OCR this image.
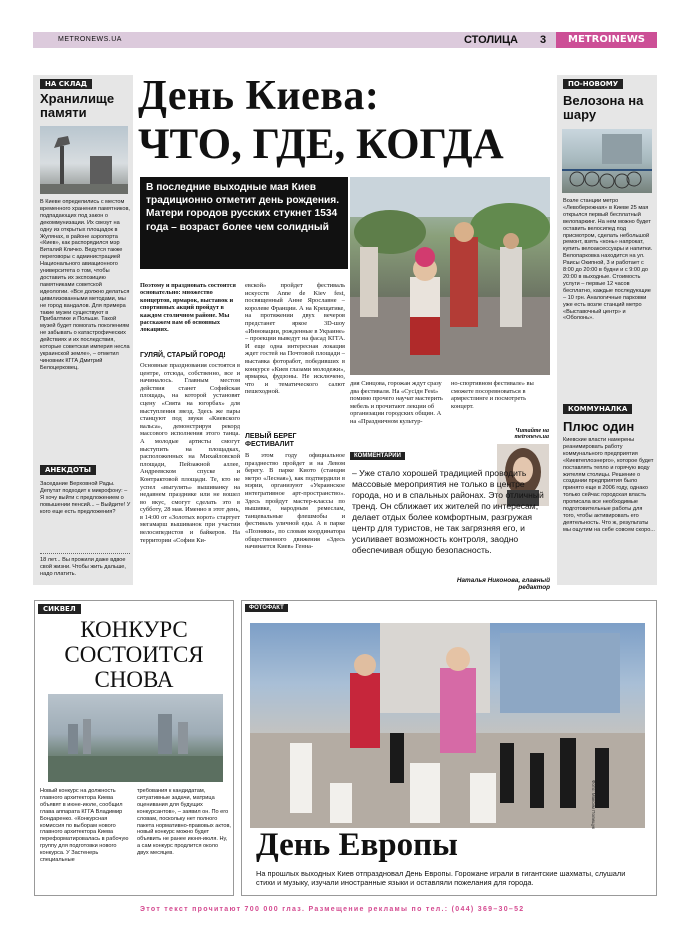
METRONEWS.UA	СТОЛИЦА 3	METROІNEWS
НА СКЛАД
Хранилище памяти
В Киеве определились с местом временного хранения памятников, подпадающих под закон о декоммунизации. Их свезут на одну из открытых площадок в Жулянах, в районе аэропорта «Киев», как распорядился мэр Виталий Кличко. Ведутся также переговоры с администрацией Национального авиационного университета о том, чтобы доставить их экспозицию памятниками советской идеологии. «Все должно делаться цивилизованными методами, мы не город вандалов. Для примера такие музеи существуют в Прибалтике и Польше. Такой музей будет помогать поколениям не забывать о катастрофических действиях и их последствия, которые советская империя несла украинской земле», – отметил чиновник КГГА Дмитрий Белоцерковец.
АНЕКДОТЫ
Заседание Верховной Рады. Депутат подходит к микрофону: – Я хочу выйти с предложением о повышении пенсий... – Выйдите! У кого еще есть предложения?
18 лет... Вы прожили даже вдвое свой жизни. Чтобы жить дальше, надо платить.
День Киева:
ЧТО, ГДЕ, КОГДА
В последние выходные мая Киев традиционно отметит день рождения. Матери городов русских стукнет 1534 года – возраст более чем солидный
Поэтому и праздновать состоится основательно: множество концертов, ярмарок, выставок и спортивных акций пройдут в каждом столичном районе. Мы расскажем вам об основных локациях.
ГУЛЯЙ, СТАРЫЙ ГОРОД!
Основные празднования состоятся в центре, отсюда, собственно, все и начиналось. Главным местом действия станет Софийская площадь, на которой установят сцену «Свята на югорбах» для выступления звезд. Здесь же пары станцуют под звуки «Киевского вальса», демонстрируя рекорд массового исполнения этого танца. А молодые артисты смогут выступить на площадках, расположенных на Михайловской площади, Пейзажной аллее, Андреевском спуске и Контрактовой площади. Те, кто не успел «выгулять» вышиванку на недавнем празднике или не вошел во вкус, смогут сделать это в субботу, 28 мая. Именно в этот день, в 14:00 от «Золотых ворот» стартует мегамарш вышиванок при участии велосипедистов и байкеров. На территории «Софии Ки-
евской» пройдет фестиваль искусств Anne de Kiev fest, посвященный Анне Ярославне – королеве Франции. А на Крещатике, на протяжении двух вечеров предстанет яркое 3D-шоу «Инновации, рожденные в Украине» – проекции выведут на фасад КГГА. И еще одна интересная локация ждет гостей на Почтовой площади – выставка фоторабот, победивших в конкурсе «Киев глазами молодежи», ярмарка, фудзоны. Не исключено, что и тематического салют пешеходной.
ЛЕВЫЙ БЕРЕГ ФЕСТИВАЛИТ
В этом году официальное празднество пройдет и на Левом берегу. В парке Киото (станция метро «Лесная»), как подтвердили в мэрии, организуют «Украинское интегративное арт-пространство». Здесь пройдут мастер-классы по вышивке, народным ремеслам, танцевальные флешмобы и фестиваль уличной еды. А в парке «Позняки», по словам координатора общественного движения «Здесь начинается Киев» Генна-
дия Синцова, горожан ждут сразу два фестиваля. На «Сусiдн Fest» помимо прочего научат мастерить мебель и прочитают лекции об организации городских общин. А на «Праздничном культур-
но-спортивном фестивале» вы сможете посоревноваться в армрестлинге и посмотреть концерт.
Читайте на metronews.ua
КОММЕНТАРИЙ
– Уже стало хорошей традицией проводить массовые мероприятия не только в центре города, но и в спальных районах. Это отличный тренд. Он сближает их жителей по интересам, делает отдых более комфортным, разгружая центр для туристов, не так загрязняя его, и усиливает возможность контроля, заодно обеспечивая общую безопасность.
Наталья Никонова, главный редактор
ПО-НОВОМУ
Велозона на шару
Возле станции метро «Левобережная» в Киеве 25 мая открылся первый бесплатный велопаркинг. На нем можно будет оставить велосипед под присмотром, сделать небольшой ремонт, взять «конь» напрокат, купить велоаксессуары и напитки. Велопарковка находится на ул. Раисы Окипной, 3 и работает с 8:00 до 20:00 в будни и с 9:00 до 20:00 в выходные. Стоимость услуги – первые 12 часов бесплатно, каждые последующие – 10 грн. Аналогичные парковки уже есть возле станций метро «Выставочный центр» и «Оболонь».
КОММУНАЛКА
Плюс один
Киевские власти намерены реанимировать работу коммунального предприятия «Киевтеплоэнерго», которое будет поставлять тепло и горячую воду жителям столицы. Решение о создании предприятия было принято еще в 2006 году, однако только сейчас городская власть прописала все необходимые подготовительные работы для того, чтобы активировать его деятельность. Что ж, результаты мы ощутим на себе совсем скоро...
СИКВЕЛ
КОНКУРС СОСТОИТСЯ СНОВА
Новый конкурс на должность главного архитектора Киева объявят в июне-июле, сообщил глава аппарата КГГА Владимир Бондаренко. «Конкурсная комиссия по выборам нового главного архитектора Киева переформатировалась в рабочую группу для подготовки нового конкурса. У Застенерь специальные
требования к кандидатам, ситуативные задачи, матрица оценивания для будущих конкурсантов», – заявил он. По его словам, поскольку нет полного пакета нормативно-правовых актов, новый конкурс можно будет объявить не ранее июня-июля. Ну, а сам конкурс продлится около двух месяцев.
ФОТОФАКТ
Фото: Максим Полищук
День Европы
На прошлых выходных Киев отпраздновал День Европы. Горожане играли в гигантские шахматы, слушали стихи и музыку, изучали иностранные языки и оставляли пожелания для города.
Этот текст прочитают 700 000 глаз. Размещение рекламы по тел.: (044) 369–30–52
